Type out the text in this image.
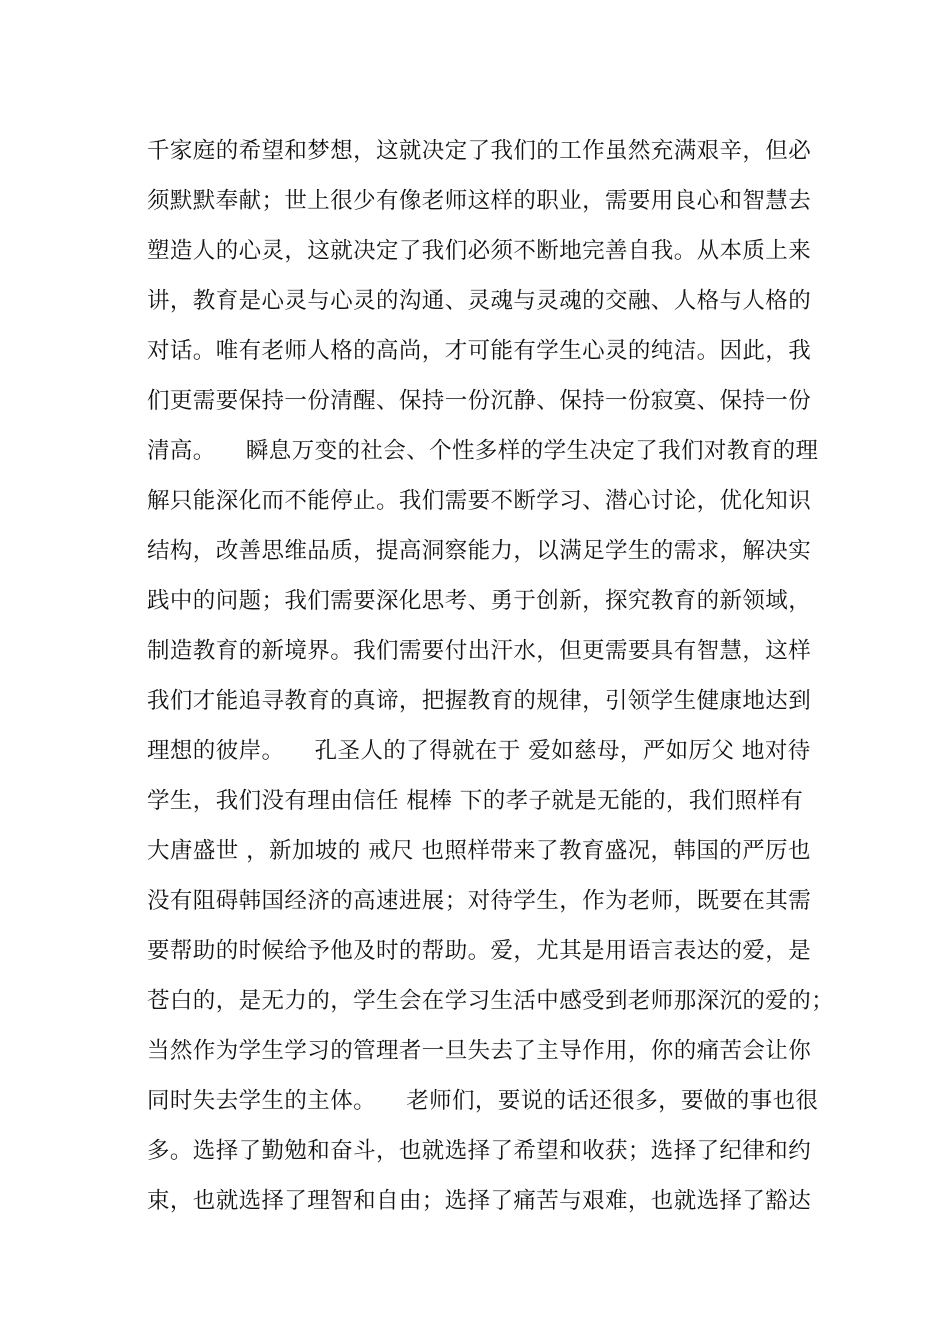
千家庭的希望和梦想，这就决定了我们的工作虽然充满艰辛，但必
须默默奉献；世上很少有像老师这样的职业，需要用良心和智慧去
塑造人的心灵，这就决定了我们必须不断地完善自我。从本质上来
讲，教育是心灵与心灵的沟通、灵魂与灵魂的交融、人格与人格的
对话。唯有老师人格的高尚，才可能有学生心灵的纯洁。因此，我
们更需要保持一份清醒、保持一份沉静、保持一份寂寞、保持一份
清高。    瞬息万变的社会、个性多样的学生决定了我们对教育的理
解只能深化而不能停止。我们需要不断学习、潜心讨论，优化知识
结构，改善思维品质，提高洞察能力，以满足学生的需求，解决实
践中的问题；我们需要深化思考、勇于创新，探究教育的新领域，
制造教育的新境界。我们需要付出汗水，但更需要具有智慧，这样
我们才能追寻教育的真谛，把握教育的规律，引领学生健康地达到
理想的彼岸。    孔圣人的了得就在于 爱如慈母，严如厉父 地对待
学生，我们没有理由信任 棍棒 下的孝子就是无能的，我们照样有
大唐盛世 ，新加坡的 戒尺 也照样带来了教育盛况，韩国的严厉也
没有阻碍韩国经济的高速进展；对待学生，作为老师，既要在其需
要帮助的时候给予他及时的帮助。爱，尤其是用语言表达的爱，是
苍白的，是无力的，学生会在学习生活中感受到老师那深沉的爱的；
当然作为学生学习的管理者一旦失去了主导作用，你的痛苦会让你
同时失去学生的主体。    老师们，要说的话还很多，要做的事也很
多。选择了勤勉和奋斗，也就选择了希望和收获；选择了纪律和约
束，也就选择了理智和自由；选择了痛苦与艰难，也就选择了豁达
